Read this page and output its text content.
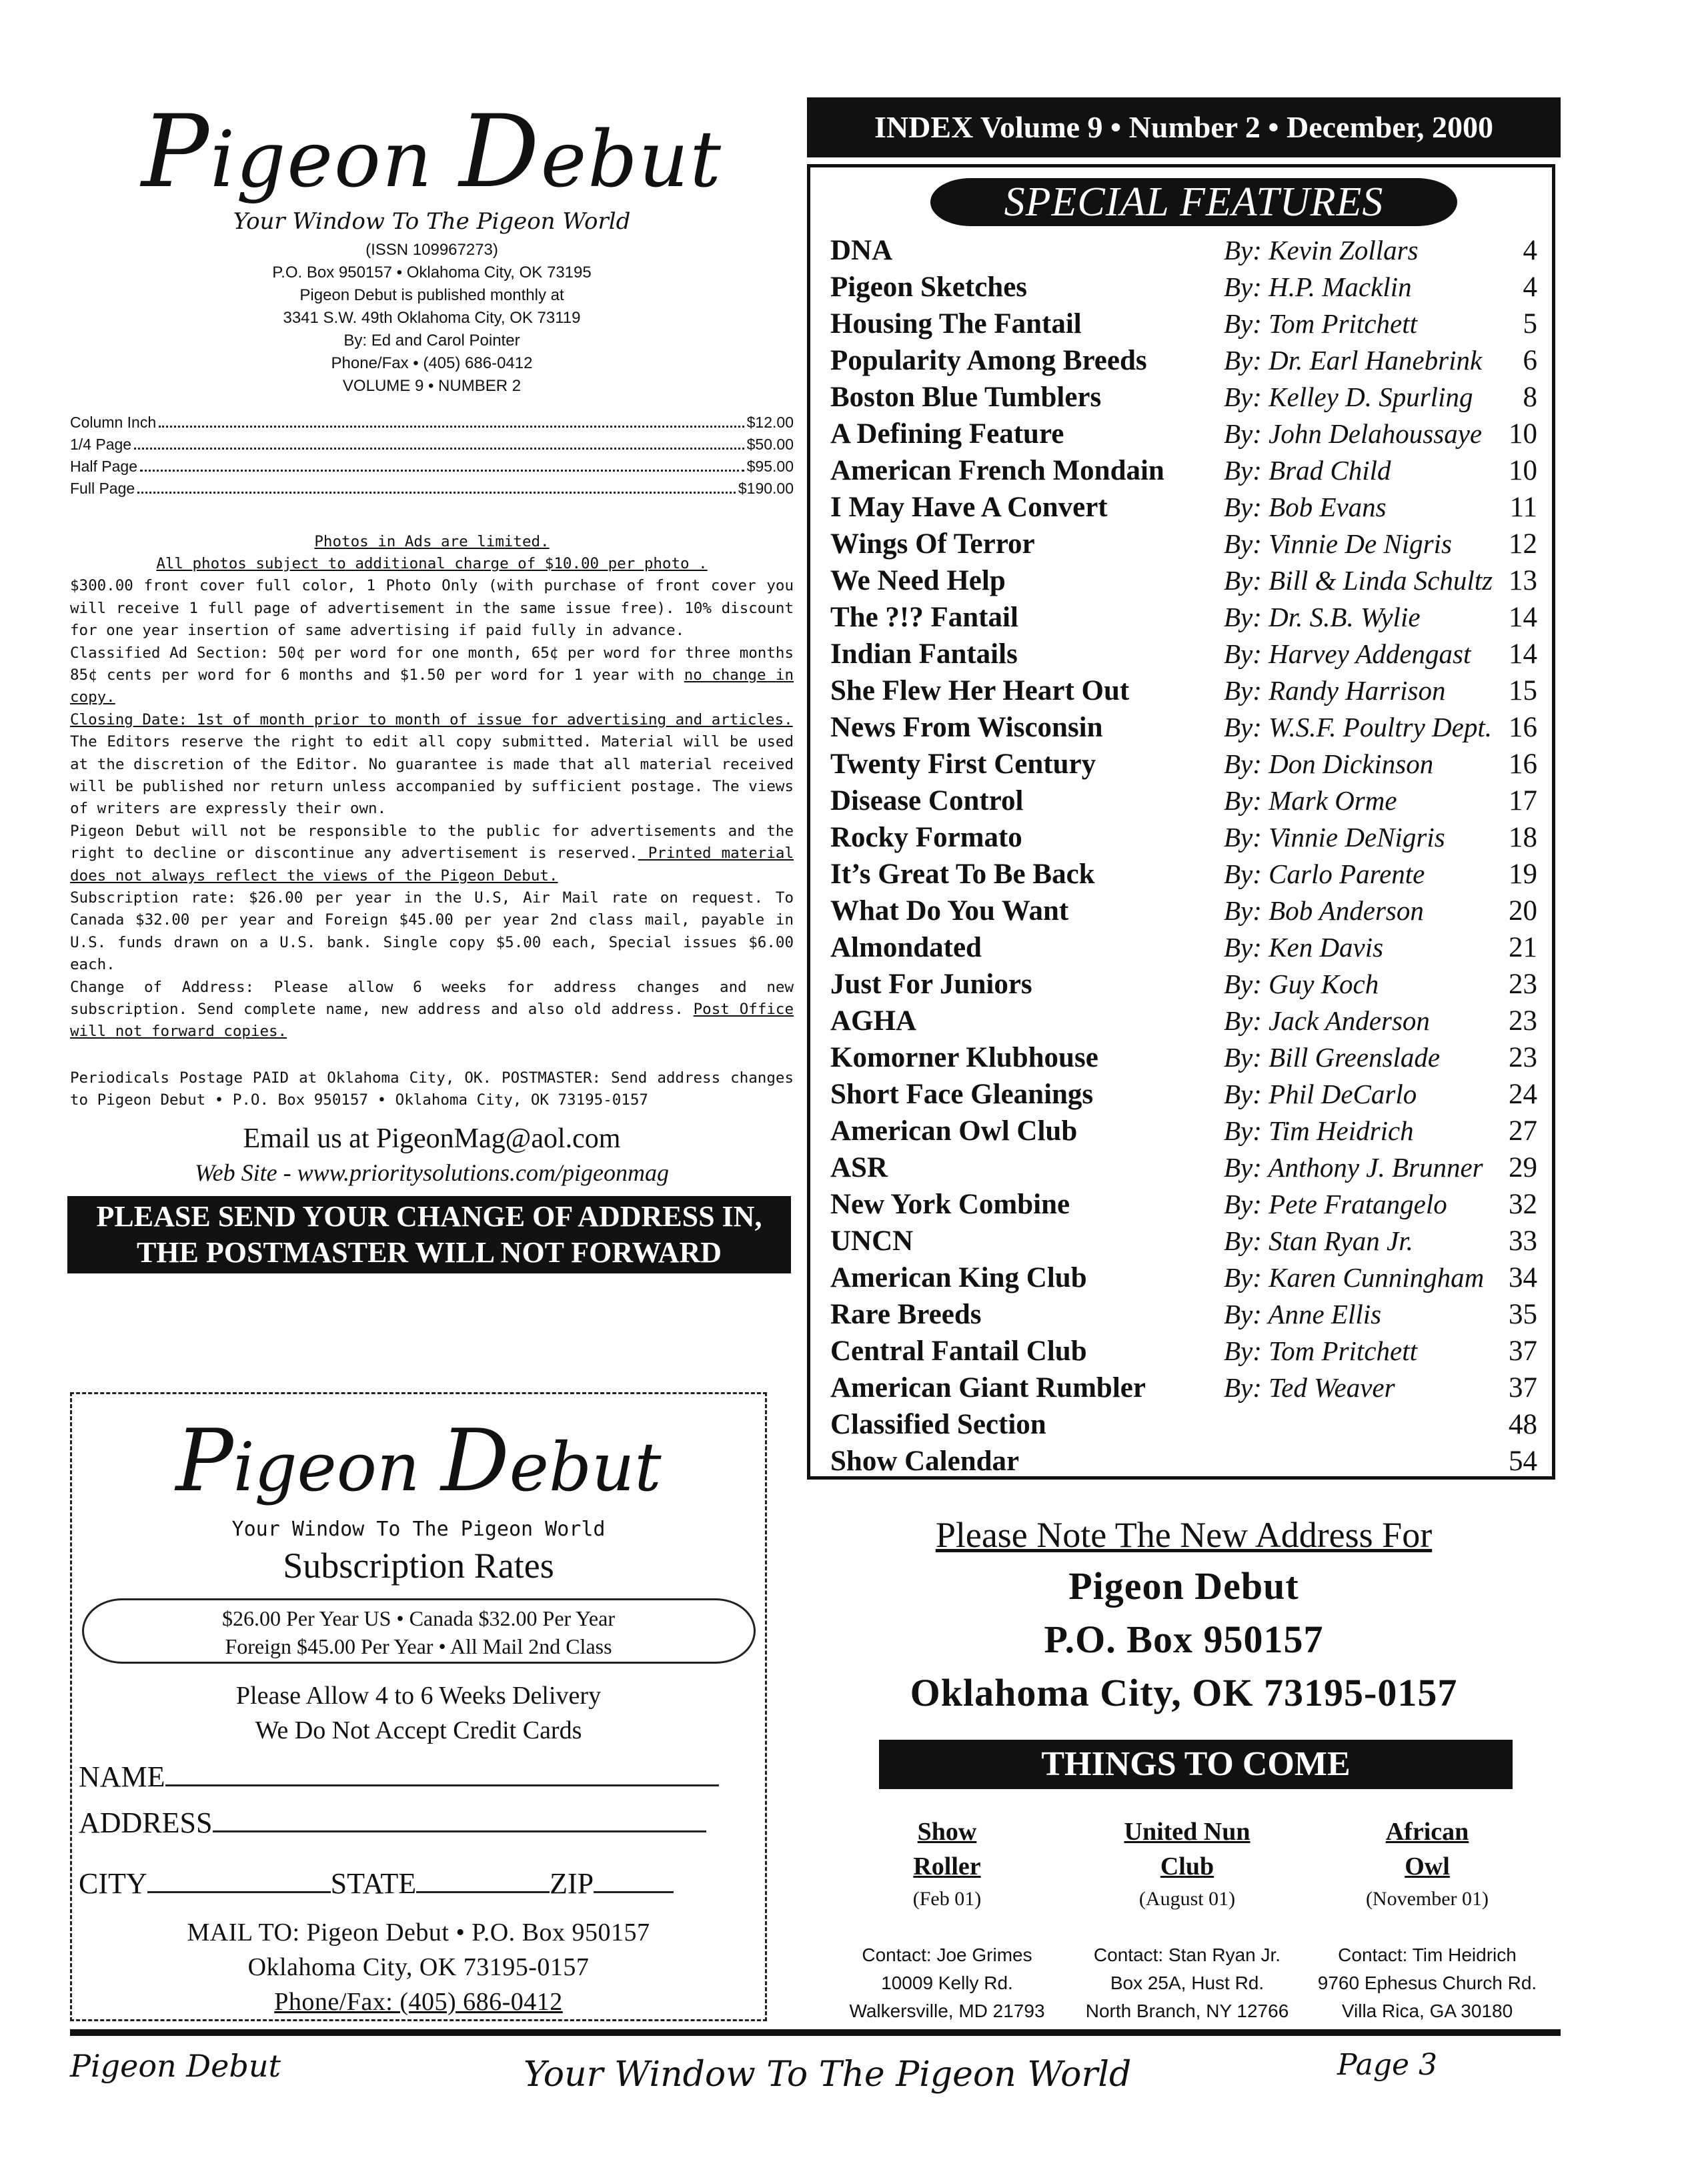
Pigeon Debut
Your Window To The Pigeon World
(ISSN 109967273)
P.O. Box 950157 • Oklahoma City, OK 73195
Pigeon Debut is published monthly at
3341 S.W. 49th Oklahoma City, OK 73119
By: Ed and Carol Pointer
Phone/Fax • (405) 686-0412
VOLUME 9 • NUMBER 2
Column Inch	$12.00
1/4 Page	$50.00
Half Page	$95.00
Full Page	$190.00

Photos in Ads are limited.

All photos subject to additional charge of $10.00 per photo .

$300.00 front cover full color, 1 Photo Only (with purchase of front cover you will receive 1 full page of advertisement in the same issue free). 10% discount for one year insertion of same advertising if paid fully in advance.

Classified Ad Section: 50¢ per word for one month, 65¢ per word for three months 85¢ cents per word for 6 months and $1.50 per word for 1 year with no change in copy.

Closing Date: 1st of month prior to month of issue for advertising and articles.

The Editors reserve the right to edit all copy submitted. Material will be used at the discretion of the Editor. No guarantee is made that all material received will be published nor return unless accompanied by sufficient postage. The views of writers are expressly their own.

Pigeon Debut will not be responsible to the public for advertisements and the right to decline or discontinue any advertisement is reserved. Printed material does not always reflect the views of the Pigeon Debut.

Subscription rate: $26.00 per year in the U.S, Air Mail rate on request. To Canada $32.00 per year and Foreign $45.00 per year 2nd class mail, payable in U.S. funds drawn on a U.S. bank. Single copy $5.00 each, Special issues $6.00 each.

Change of Address: Please allow 6 weeks for address changes and new subscription. Send complete name, new address and also old address. Post Office will not forward copies.

Periodicals Postage PAID at Oklahoma City, OK. POSTMASTER: Send address changes to Pigeon Debut • P.O. Box 950157 • Oklahoma City, OK 73195-0157
Email us at PigeonMag@aol.com
Web Site - www.prioritysolutions.com/pigeonmag
PLEASE SEND YOUR CHANGE OF ADDRESS IN,
THE POSTMASTER WILL NOT FORWARD
Pigeon Debut
Your Window To The Pigeon World
Subscription Rates
$26.00 Per Year US • Canada $32.00 Per Year
Foreign $45.00 Per Year • All Mail 2nd Class
Please Allow 4 to 6 Weeks Delivery
We Do Not Accept Credit Cards
NAME
ADDRESS
CITY	STATE	ZIP
MAIL TO: Pigeon Debut • P.O. Box 950157
Oklahoma City, OK 73195-0157
Phone/Fax: (405) 686-0412
INDEX Volume 9 • Number 2 • December, 2000
SPECIAL FEATURES
DNA	By: Kevin Zollars	4
Pigeon Sketches	By: H.P. Macklin	4
Housing The Fantail	By: Tom Pritchett	5
Popularity Among Breeds	By: Dr. Earl Hanebrink	6
Boston Blue Tumblers	By: Kelley D. Spurling	8
A Defining Feature	By: John Delahoussaye 10
American French Mondain	By: Brad Child	10
I May Have A Convert	By: Bob Evans	11
Wings Of Terror	By: Vinnie De Nigris	12
We Need Help	By: Bill & Linda Schultz 13
The ?!? Fantail	By: Dr. S.B. Wylie	14
Indian Fantails	By: Harvey Addengast	14
She Flew Her Heart Out	By: Randy Harrison	15
News From Wisconsin	By: W.S.F. Poultry Dept. 16
Twenty First Century	By: Don Dickinson	16
Disease Control	By: Mark Orme	17
Rocky Formato	By: Vinnie DeNigris	18
It’s Great To Be Back	By: Carlo Parente	19
What Do You Want	By: Bob Anderson	20
Almondated	By: Ken Davis	21
Just For Juniors	By: Guy Koch	23
AGHA	By: Jack Anderson	23
Komorner Klubhouse	By: Bill Greenslade	23
Short Face Gleanings	By: Phil DeCarlo	24
American Owl Club	By: Tim Heidrich	27
ASR	By: Anthony J. Brunner 29
New York Combine	By: Pete Fratangelo	32
UNCN	By: Stan Ryan Jr.	33
American King Club	By: Karen Cunningham 34
Rare Breeds	By: Anne Ellis	35
Central Fantail Club	By: Tom Pritchett	37
American Giant Rumbler	By: Ted Weaver	37
Classified Section	48
Show Calendar	54
Please Note The New Address For
Pigeon Debut
P.O. Box 950157
Oklahoma City, OK 73195-0157
THINGS TO COME
Show
Roller
(Feb 01)
Contact: Joe Grimes
10009 Kelly Rd.
Walkersville, MD 21793
United Nun
Club
(August 01)
Contact: Stan Ryan Jr.
Box 25A, Hust Rd.
North Branch, NY 12766
African
Owl
(November 01)
Contact: Tim Heidrich
9760 Ephesus Church Rd.
Villa Rica, GA 30180
Pigeon Debut	Your Window To The Pigeon World	Page 3
